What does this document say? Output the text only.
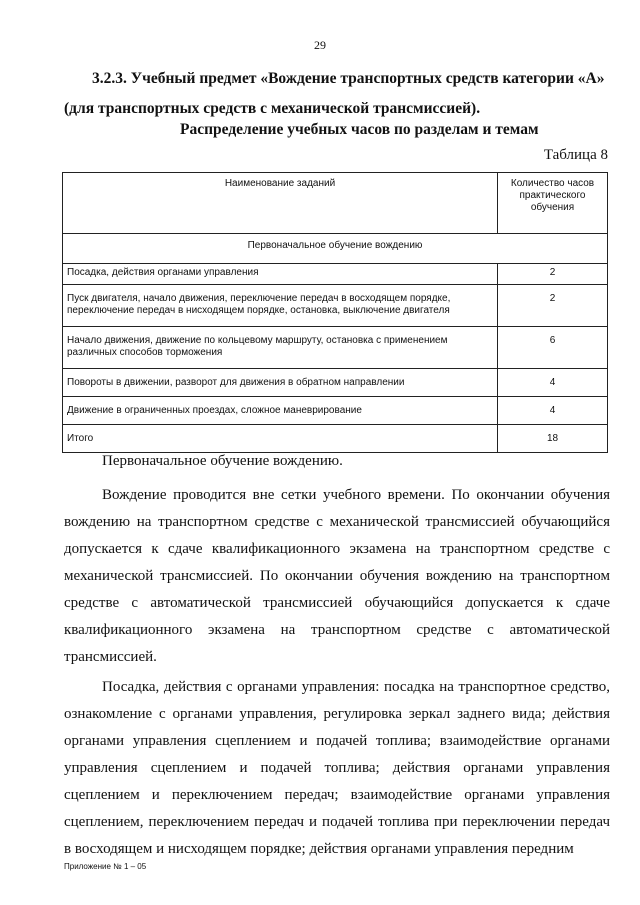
29
3.2.3. Учебный предмет «Вождение транспортных средств категории «А»
(для транспортных средств с механической трансмиссией).
Распределение учебных часов по разделам и темам
Таблица 8
Наименование заданий	Количество часов практического обучения
Первоначальное обучение вождению	
Посадка, действия органами управления	2
Пуск двигателя, начало движения, переключение передач в восходящем порядке, переключение передач в нисходящем порядке, остановка, выключение двигателя	2
Начало движения, движение по кольцевому маршруту, остановка с применением различных способов торможения	6
Повороты в движении, разворот для движения в обратном направлении	4
Движение в ограниченных проездах, сложное маневрирование	4
Итого	18

Первоначальное обучение вождению.

Вождение проводится вне сетки учебного времени. По окончании обучения вождению на транспортном средстве с механической трансмиссией обучающийся допускается к сдаче квалификационного экзамена на транспортном средстве с механической трансмиссией. По окончании обучения вождению на транспортном средстве с автоматической трансмиссией обучающийся допускается к сдаче квалификационного экзамена на транспортном средстве с автоматической трансмиссией.

Посадка, действия с органами управления: посадка на транспортное средство, ознакомление с органами управления, регулировка зеркал заднего вида; действия органами управления сцеплением и подачей топлива; взаимодействие органами управления сцеплением и подачей топлива; действия органами управления сцеплением и переключением передач; взаимодействие органами управления сцеплением, переключением передач и подачей топлива при переключении передач в восходящем и нисходящем порядке; действия органами управления передним

Приложение № 1 – 05
